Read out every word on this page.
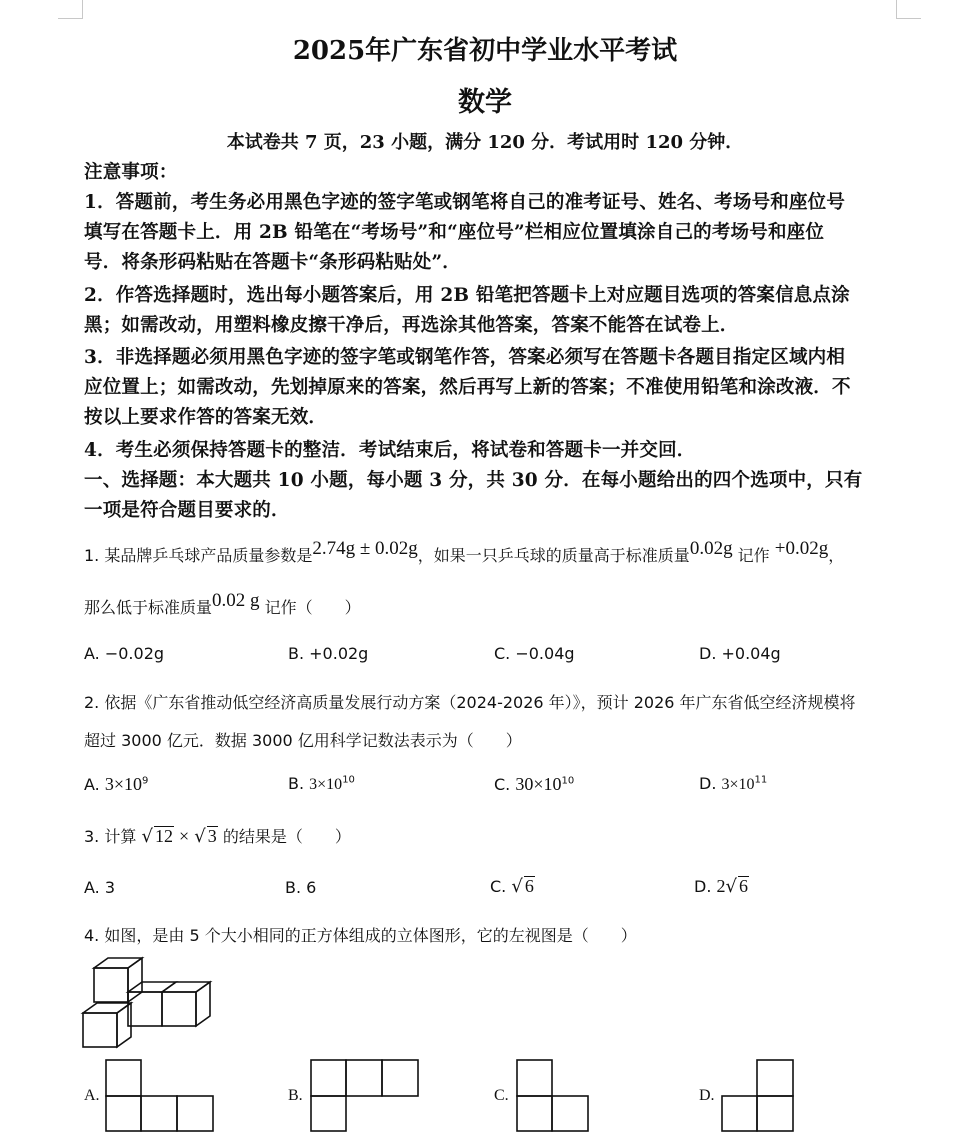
2025年广东省初中学业水平考试
数学
本试卷共 7 页，23 小题，满分 120 分．考试用时 120 分钟．
注意事项：
1．答题前，考生务必用黑色字迹的签字笔或钢笔将自己的准考证号、姓名、考场号和座位号
填写在答题卡上．用 2B 铅笔在“考场号”和“座位号”栏相应位置填涂自己的考场号和座位
号．将条形码粘贴在答题卡“条形码粘贴处”．
2．作答选择题时，选出每小题答案后，用 2B 铅笔把答题卡上对应题目选项的答案信息点涂
黑；如需改动，用塑料橡皮擦干净后，再选涂其他答案，答案不能答在试卷上．
3．非选择题必须用黑色字迹的签字笔或钢笔作答，答案必须写在答题卡各题目指定区域内相
应位置上；如需改动，先划掉原来的答案，然后再写上新的答案；不准使用铅笔和涂改液．不
按以上要求作答的答案无效．
4．考生必须保持答题卡的整洁．考试结束后，将试卷和答题卡一并交回．
一、选择题：本大题共 10 小题，每小题 3 分，共 30 分．在每小题给出的四个选项中，只有
一项是符合题目要求的．
1. 某品牌乒乓球产品质量参数是2.74g ± 0.02g，如果一只乒乓球的质量高于标准质量0.02g 记作 +0.02g，
那么低于标准质量0.02 g 记作（　　）
A. −0.02g	B. +0.02g	C. −0.04g	D. +0.04g
2. 依据《广东省推动低空经济高质量发展行动方案（2024-2026 年）》，预计 2026 年广东省低空经济规模将
超过 3000 亿元．数据 3000 亿用科学记数法表示为（　　）
A. $3\times 10^9$	B. $3\times 10^{10}$	C. $30\times 10^{10}$	D. $3\times 10^{11}$
3. 计算 √ 12 × √ 3 的结果是（　　）
A. 3	B. 6	C. √ 6	D. 2√ 6
4. 如图，是由 5 个大小相同的正方体组成的立体图形，它的左视图是（　　）
A.	B.	C.	D.
